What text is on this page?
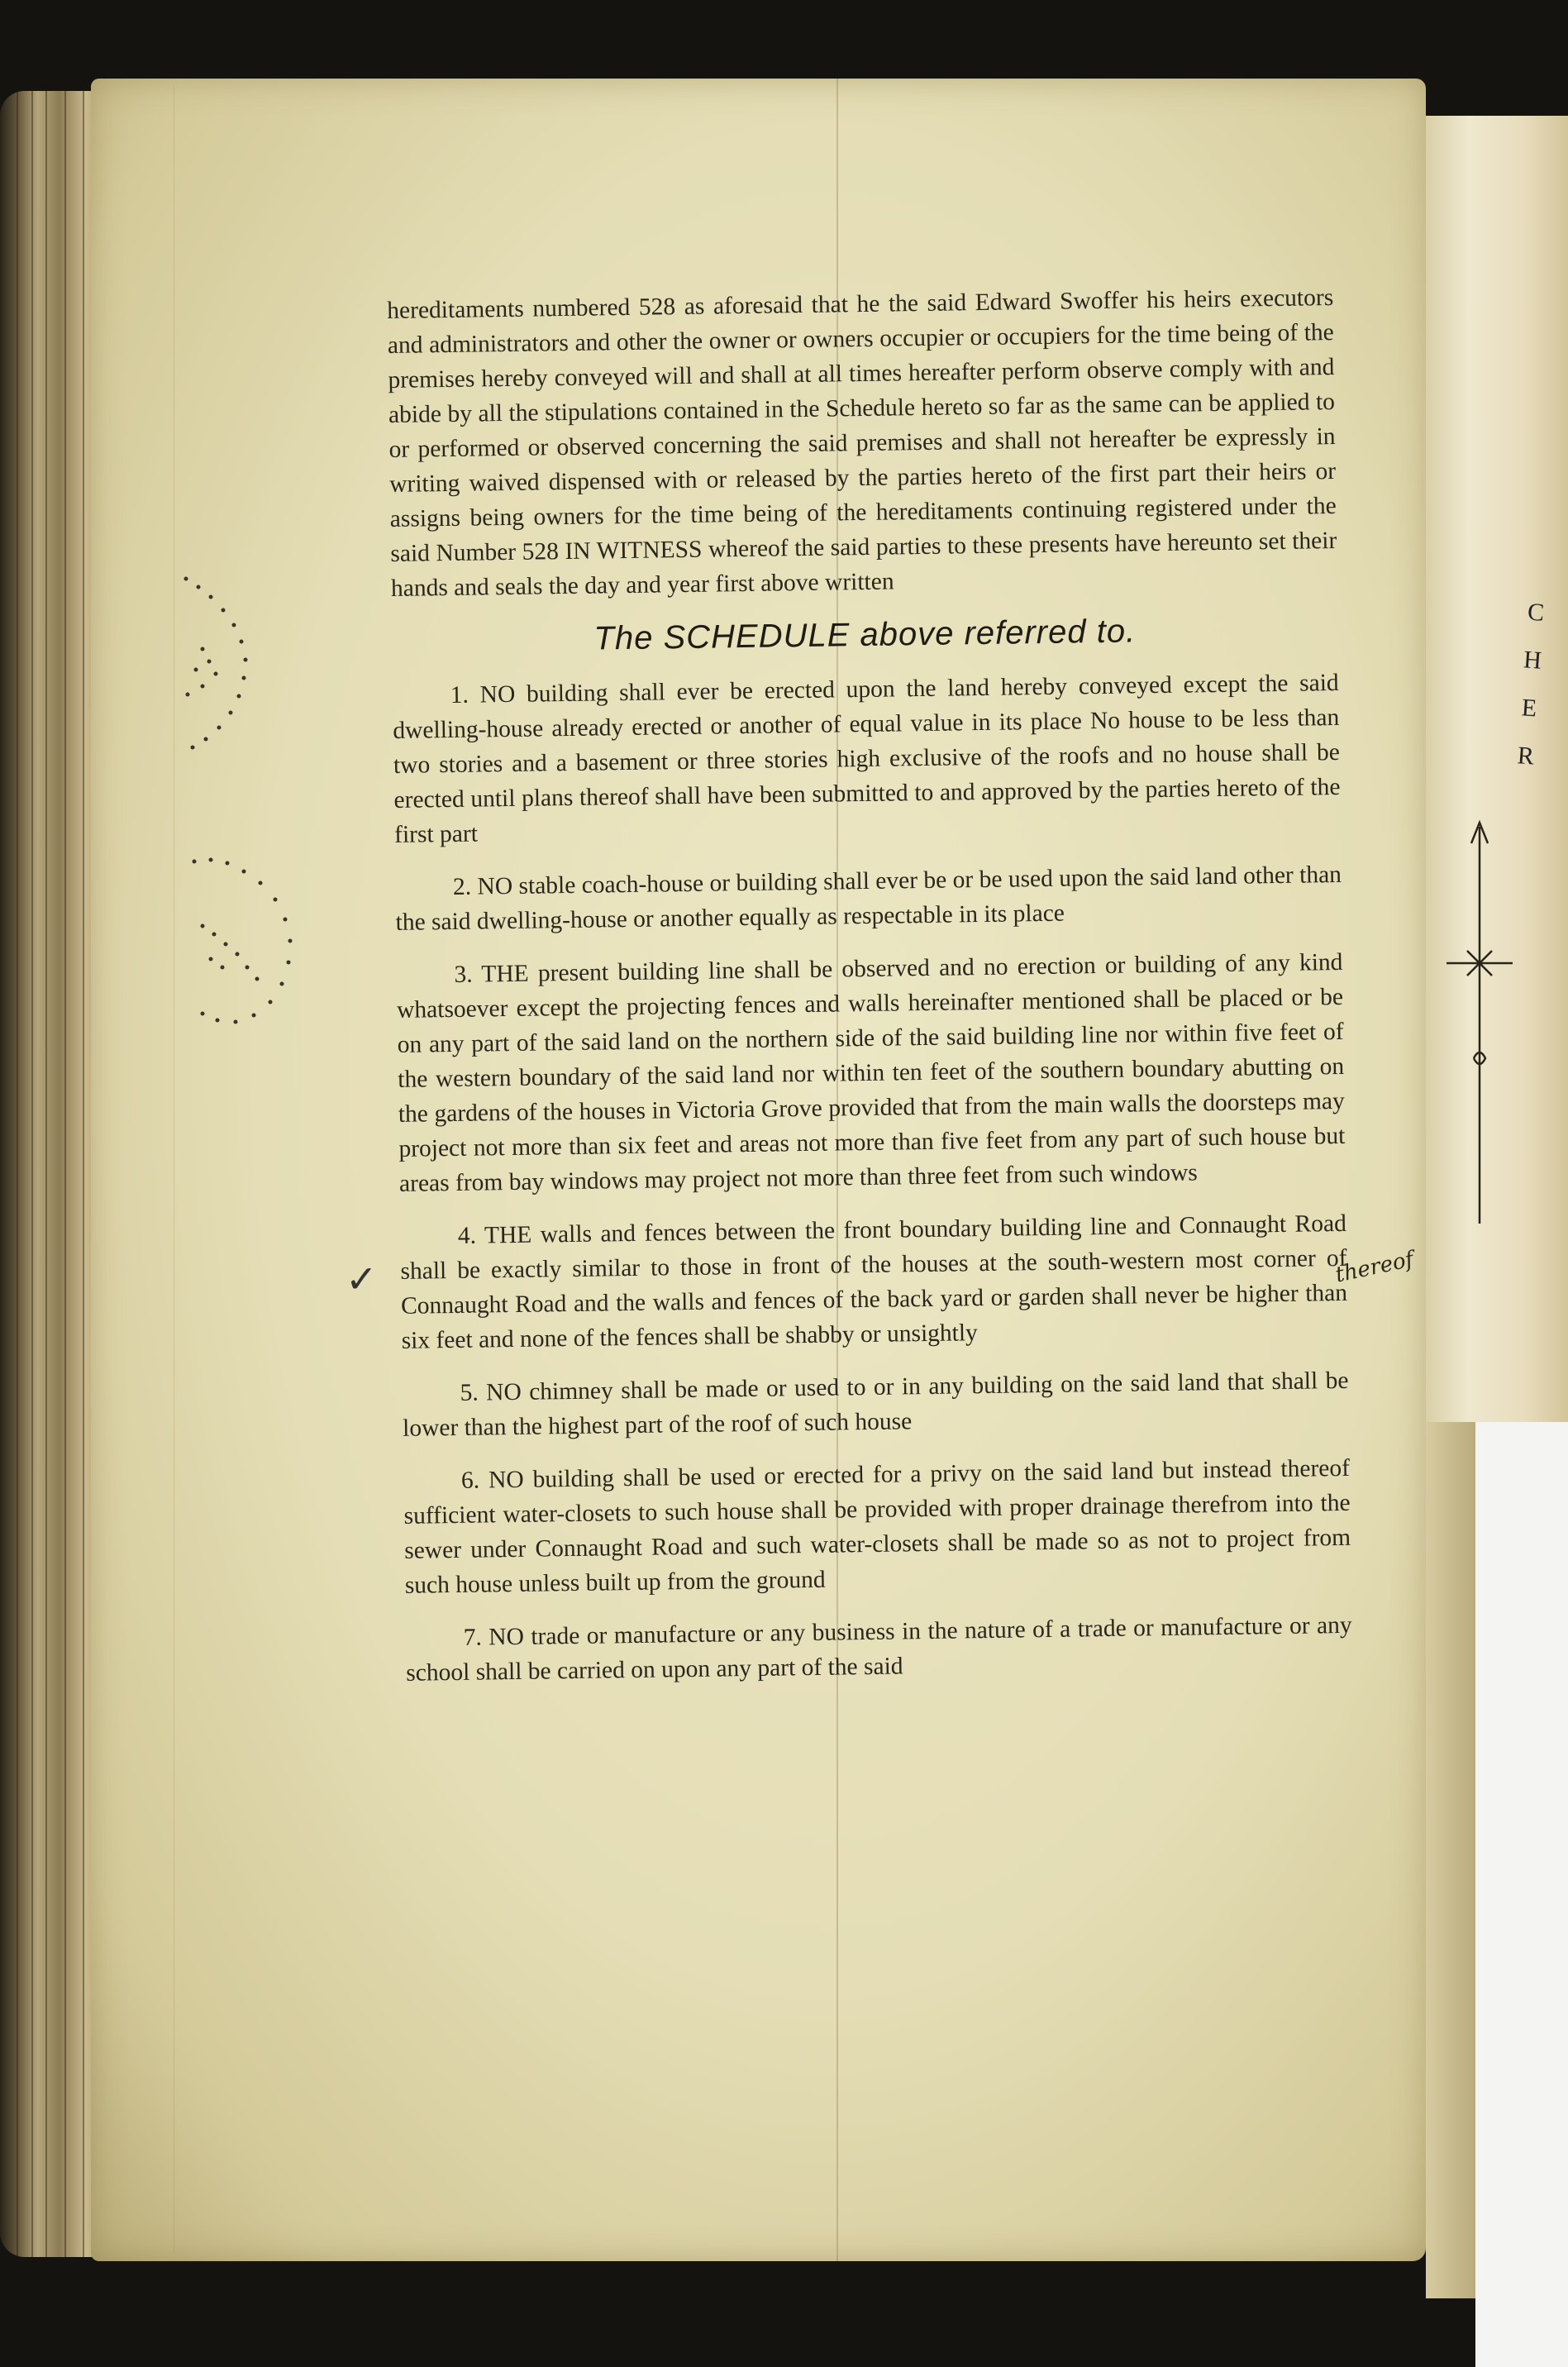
C
H
E
R
✓	thereof

hereditaments numbered 528 as aforesaid that he the said Edward Swoffer his heirs executors and administrators and other the owner or owners occupier or occupiers for the time being of the premises hereby conveyed will and shall at all times hereafter perform observe comply with and abide by all the stipulations contained in the Schedule hereto so far as the same can be applied to or performed or observed concerning the said premises and shall not hereafter be expressly in writing waived dispensed with or released by the parties hereto of the first part their heirs or assigns being owners for the time being of the hereditaments continuing registered under the said Number 528 IN WITNESS whereof the said parties to these presents have hereunto set their hands and seals the day and year first above written

The SCHEDULE above referred to.

1. NO building shall ever be erected upon the land hereby conveyed except the said dwelling-house already erected or another of equal value in its place No house to be less than two stories and a basement or three stories high exclusive of the roofs and no house shall be erected until plans thereof shall have been submitted to and approved by the parties hereto of the first part

2. NO stable coach-house or building shall ever be or be used upon the said land other than the said dwelling-house or another equally as respectable in its place

3. THE present building line shall be observed and no erection or building of any kind whatsoever except the projecting fences and walls hereinafter mentioned shall be placed or be on any part of the said land on the northern side of the said building line nor within five feet of the western boundary of the said land nor within ten feet of the southern boundary abutting on the gardens of the houses in Victoria Grove provided that from the main walls the doorsteps may project not more than six feet and areas not more than five feet from any part of such house but areas from bay windows may project not more than three feet from such windows

4. THE walls and fences between the front boundary building line and Connaught Road shall be exactly similar to those in front of the houses at the south-western most corner of Connaught Road and the walls and fences of the back yard or garden shall never be higher than six feet and none of the fences shall be shabby or unsightly

5. NO chimney shall be made or used to or in any building on the said land that shall be lower than the highest part of the roof of such house

6. NO building shall be used or erected for a privy on the said land but instead thereof sufficient water-closets to such house shall be provided with proper drainage therefrom into the sewer under Connaught Road and such water-closets shall be made so as not to project from such house unless built up from the ground

7. NO trade or manufacture or any business in the nature of a trade or manufacture or any school shall be carried on upon any part of the said
